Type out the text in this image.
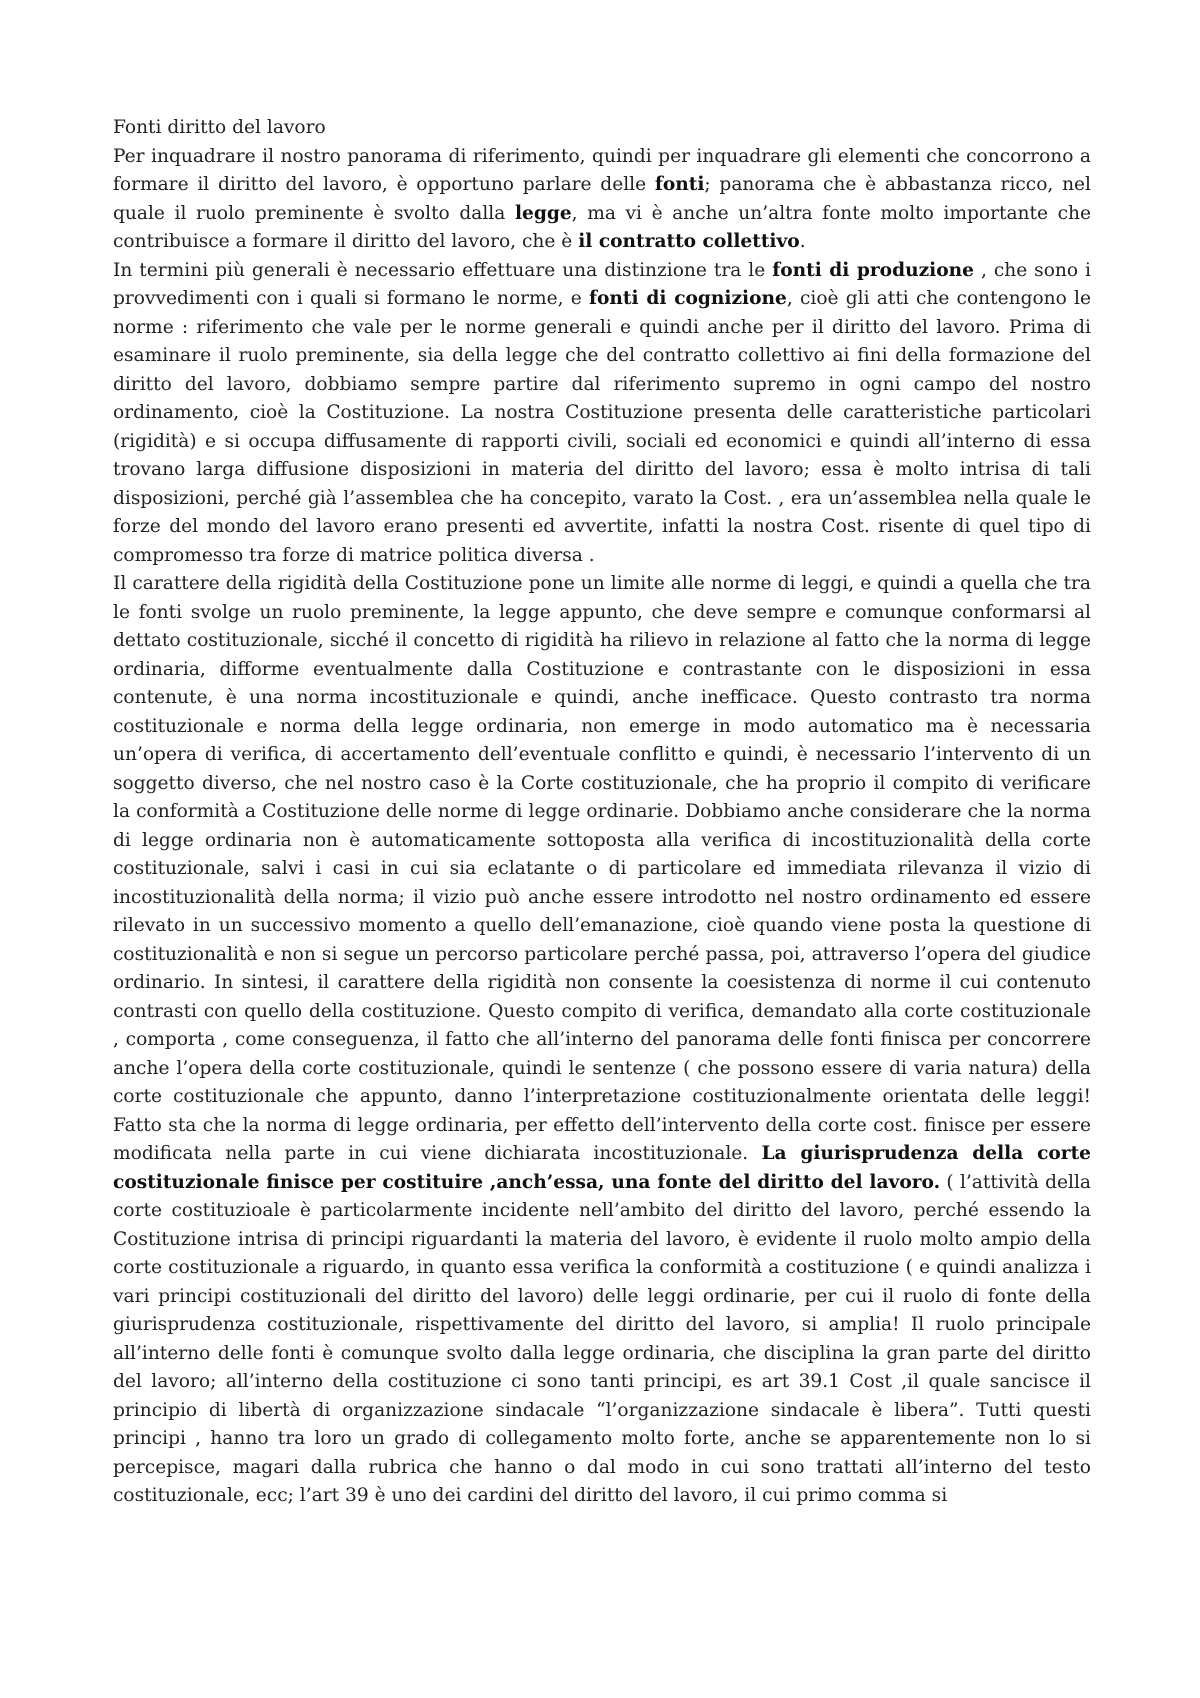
Fonti diritto del lavoro

Per inquadrare il nostro panorama di riferimento, quindi per inquadrare gli elementi che concorrono a formare il diritto del lavoro, è opportuno parlare delle fonti; panorama che è abbastanza ricco, nel quale il ruolo preminente è svolto dalla legge, ma vi è anche un’altra fonte molto importante che contribuisce a formare il diritto del lavoro, che è il contratto collettivo.

In termini più generali è necessario effettuare una distinzione tra le fonti di produzione , che sono i provvedimenti con i quali si formano le norme, e fonti di cognizione, cioè gli atti che contengono le norme : riferimento che vale per le norme generali e quindi anche per il diritto del lavoro. Prima di esaminare il ruolo preminente, sia della legge che del contratto collettivo ai fini della formazione del diritto del lavoro, dobbiamo sempre partire dal riferimento supremo in ogni campo del nostro ordinamento, cioè la Costituzione. La nostra Costituzione presenta delle caratteristiche particolari (rigidità) e si occupa diffusamente di rapporti civili, sociali ed economici e quindi all’interno di essa trovano larga diffusione disposizioni in materia del diritto del lavoro; essa è molto intrisa di tali disposizioni, perché già l’assemblea che ha concepito, varato la Cost. , era un’assemblea nella quale le forze del mondo del lavoro erano presenti ed avvertite, infatti la nostra Cost. risente di quel tipo di compromesso tra forze di matrice politica diversa .

Il carattere della rigidità della Costituzione pone un limite alle norme di leggi, e quindi a quella che tra le fonti svolge un ruolo preminente, la legge appunto, che deve sempre e comunque conformarsi al dettato costituzionale, sicché il concetto di rigidità ha rilievo in relazione al fatto che la norma di legge ordinaria, difforme eventualmente dalla Costituzione e contrastante con le disposizioni in essa contenute, è una norma incostituzionale e quindi, anche inefficace. Questo contrasto tra norma costituzionale e norma della legge ordinaria, non emerge in modo automatico ma è necessaria un’opera di verifica, di accertamento dell’eventuale conflitto e quindi, è necessario l’intervento di un soggetto diverso, che nel nostro caso è la Corte costituzionale, che ha proprio il compito di verificare la conformità a Costituzione delle norme di legge ordinarie. Dobbiamo anche considerare che la norma di legge ordinaria non è automaticamente sottoposta alla verifica di incostituzionalità della corte costituzionale, salvi i casi in cui sia eclatante o di particolare ed immediata rilevanza il vizio di incostituzionalità della norma; il vizio può anche essere introdotto nel nostro ordinamento ed essere rilevato in un successivo momento a quello dell’emanazione, cioè quando viene posta la questione di costituzionalità e non si segue un percorso particolare perché passa, poi, attraverso l’opera del giudice ordinario. In sintesi, il carattere della rigidità non consente la coesistenza di norme il cui contenuto contrasti con quello della costituzione. Questo compito di verifica, demandato alla corte costituzionale , comporta , come conseguenza, il fatto che all’interno del panorama delle fonti finisca per concorrere anche l’opera della corte costituzionale, quindi le sentenze ( che possono essere di varia natura) della corte costituzionale che appunto, danno l’interpretazione costituzionalmente orientata delle leggi! Fatto sta che la norma di legge ordinaria, per effetto dell’intervento della corte cost. finisce per essere modificata nella parte in cui viene dichiarata incostituzionale. La giurisprudenza della corte costituzionale finisce per costituire ,anch’essa, una fonte del diritto del lavoro. ( l’attività della corte costituzioale è particolarmente incidente nell’ambito del diritto del lavoro, perché essendo la Costituzione intrisa di principi riguardanti la materia del lavoro, è evidente il ruolo molto ampio della corte costituzionale a riguardo, in quanto essa verifica la conformità a costituzione ( e quindi analizza i vari principi costituzionali del diritto del lavoro) delle leggi ordinarie, per cui il ruolo di fonte della giurisprudenza costituzionale, rispettivamente del diritto del lavoro, si amplia! Il ruolo principale all’interno delle fonti è comunque svolto dalla legge ordinaria, che disciplina la gran parte del diritto del lavoro; all’interno della costituzione ci sono tanti principi, es art 39.1 Cost ,il quale sancisce il principio di libertà di organizzazione sindacale “l’organizzazione sindacale è libera”. Tutti questi principi , hanno tra loro un grado di collegamento molto forte, anche se apparentemente non lo si percepisce, magari dalla rubrica che hanno o dal modo in cui sono trattati all’interno del testo costituzionale, ecc; l’art 39 è uno dei cardini del diritto del lavoro, il cui primo comma si
